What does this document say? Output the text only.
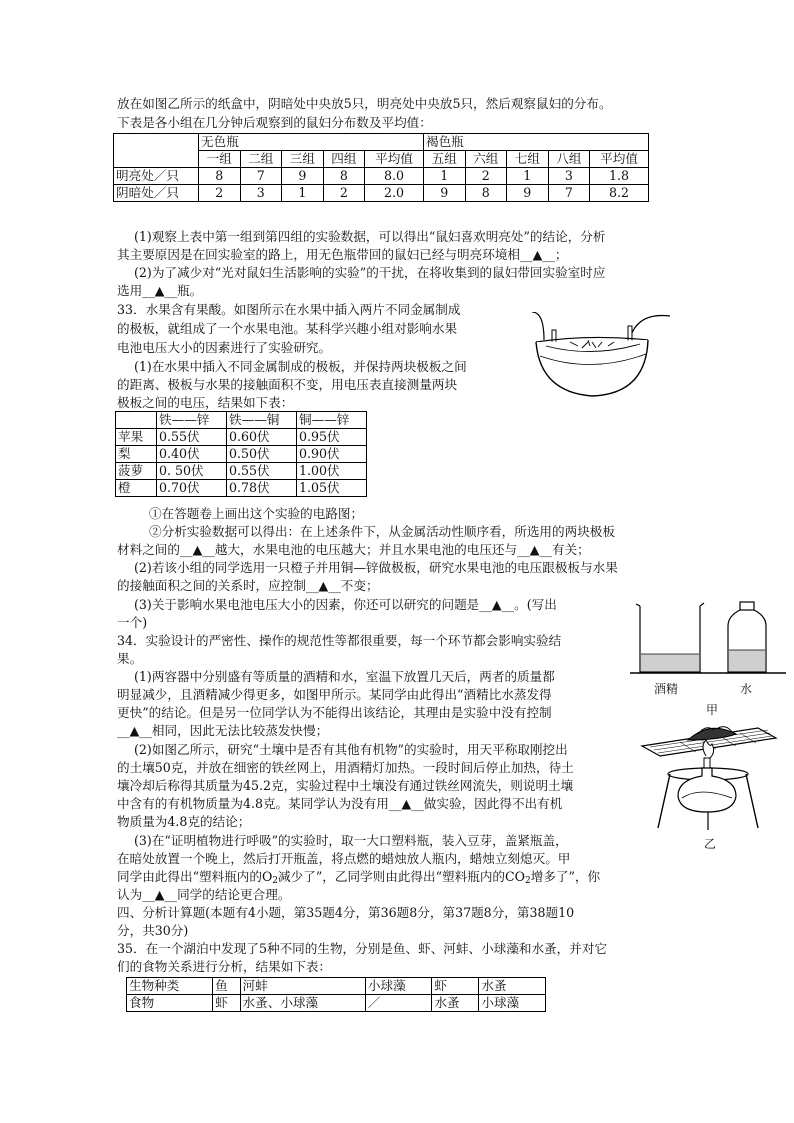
放在如图乙所示的纸盒中，阴暗处中央放5只，明亮处中央放5只，然后观察鼠妇的分布。
下表是各小组在几分钟后观察到的鼠妇分布数及平均值：
	无色瓶					褐色瓶				
	一组	二组	三组	四组	平均值	五组	六组	七组	八组	平均值
明亮处／只	8	7	9	8	8.0	1	2	1	3	1.8
阴暗处／只	2	3	1	2	2.0	9	8	9	7	8.2
(1)观察上表中第一组到第四组的实验数据，可以得出“鼠妇喜欢明亮处”的结论，分析
其主要原因是在回实验室的路上，用无色瓶带回的鼠妇已经与明亮环境相__▲__；
(2)为了减少对“光对鼠妇生活影响的实验”的干扰，在将收集到的鼠妇带回实验室时应
选用__▲__瓶。
33．水果含有果酸。如图所示在水果中插入两片不同金属制成
的极板，就组成了一个水果电池。某科学兴趣小组对影响水果
电池电压大小的因素进行了实验研究。
(1)在水果中插入不同金属制成的极板，并保持两块极板之间
的距离、极板与水果的接触面积不变，用电压表直接测量两块
极板之间的电压，结果如下表：
	铁——锌	铁——铜	铜——锌
苹果	0.55伏	0.60伏	0.95伏
梨	0.40伏	0.50伏	0.90伏
菠萝	0. 50伏	0.55伏	1.00伏
橙	0.70伏	0.78伏	1.05伏
①在答题卷上画出这个实验的电路图；
②分析实验数据可以得出：在上述条件下，从金属活动性顺序看，所选用的两块极板
材料之间的__▲__越大，水果电池的电压越大；并且水果电池的电压还与__▲__有关；
(2)若该小组的同学选用一只橙子并用铜—锌做极板，研究水果电池的电压跟极板与水果
的接触面积之间的关系时，应控制__▲__不变；
(3)关于影响水果电池电压大小的因素，你还可以研究的问题是__▲__。(写出
一个)
34．实验设计的严密性、操作的规范性等都很重要，每一个环节都会影响实验结
果。
(1)两容器中分别盛有等质量的酒精和水，室温下放置几天后，两者的质量都
明显减少，且酒精减少得更多，如图甲所示。某同学由此得出“酒精比水蒸发得
更快”的结论。但是另一位同学认为不能得出该结论，其理由是实验中没有控制
__▲__相同，因此无法比较蒸发快慢；
(2)如图乙所示，研究“土壤中是否有其他有机物”的实验时，用天平称取刚挖出
的土壤50克，并放在细密的铁丝网上，用酒精灯加热。一段时间后停止加热，待土
壤冷却后称得其质量为45.2克，实验过程中土壤没有通过铁丝网流失，则说明土壤
中含有的有机物质量为4.8克。某同学认为没有用__▲__做实验，因此得不出有机
物质量为4.8克的结论；
(3)在“证明植物进行呼吸”的实验时，取一大口塑料瓶，装入豆芽，盖紧瓶盖，
在暗处放置一个晚上，然后打开瓶盖，将点燃的蜡烛放人瓶内，蜡烛立刻熄灭。甲
同学由此得出“塑料瓶内的$O_2$减少了”，乙同学则由此得出“塑料瓶内的$CO_2$增多了”，你
认为__▲__同学的结论更合理。
酒精	水
甲
乙
四、分析计算题(本题有4小题，第35题4分，第36题8分，第37题8分，第38题10
分，共30分)
35．在一个湖泊中发现了5种不同的生物，分别是鱼、虾、河蚌、小球藻和水蚤，并对它
们的食物关系进行分析，结果如下表：
生物种类	鱼	河蚌	小球藻	虾	水蚤
食物	虾	水蚤、小球藻	／	水蚤	小球藻
